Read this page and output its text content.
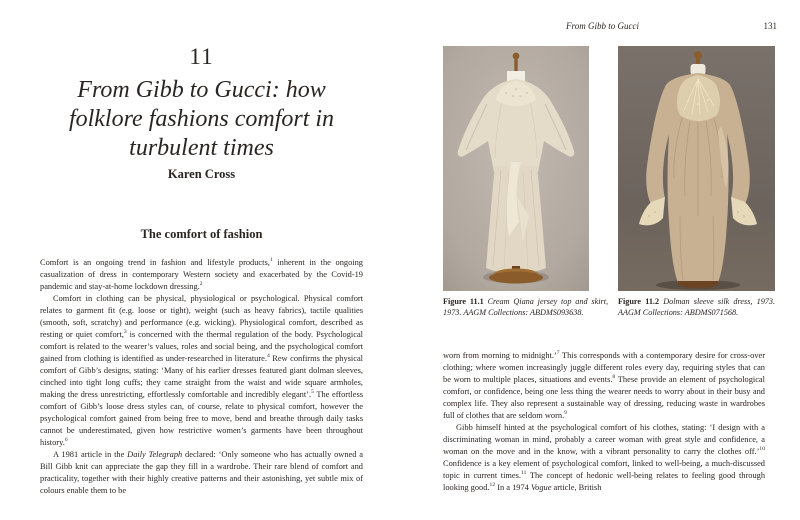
11
From Gibb to Gucci: how
folklore fashions comfort in
turbulent times
Karen Cross
The comfort of fashion

Comfort is an ongoing trend in fashion and lifestyle products,$^1$ inherent in the ongoing casualization of dress in contemporary Western society and exacerbated by the Covid-19 pandemic and stay-at-home lockdown dressing.$^2$

Comfort in clothing can be physical, physiological or psychological. Physical comfort relates to garment fit (e.g. loose or tight), weight (such as heavy fabrics), tactile qualities (smooth, soft, scratchy) and performance (e.g. wicking). Physiological comfort, described as resting or quiet comfort,$^3$ is concerned with the thermal regulation of the body. Psychological comfort is related to the wearer’s values, roles and social being, and the psychological comfort gained from clothing is identified as under-researched in literature.$^4$ Rew confirms the physical comfort of Gibb’s designs, stating: ‘Many of his earlier dresses featured giant dolman sleeves, cinched into tight long cuffs; they came straight from the waist and wide square armholes, making the dress unrestricting, effortlessly comfortable and incredibly elegant’.$^5$ The effortless comfort of Gibb’s loose dress styles can, of course, relate to physical comfort, however the psychological comfort gained from being free to move, bend and breathe through daily tasks cannot be underestimated, given how restrictive women’s garments have been throughout history.$^6$

A 1981 article in the Daily Telegraph declared: ‘Only someone who has actually owned a Bill Gibb knit can appreciate the gap they fill in a wardrobe. Their rare blend of comfort and practicality, together with their highly creative patterns and their astonishing, yet subtle mix of colours enable them to be

From Gibb to Gucci	131
Figure 11.1 Cream Qiana jersey top and skirt, 1973. AAGM Collections: ABDMS093638.
Figure 11.2 Dolman sleeve silk dress, 1973. AAGM Collections: ABDMS071568.

worn from morning to midnight.’$^7$ This corresponds with a contemporary desire for cross-over clothing; where women increasingly juggle different roles every day, requiring styles that can be worn to multiple places, situations and events.$^8$ These provide an element of psychological comfort, or confidence, being one less thing the wearer needs to worry about in their busy and complex life. They also represent a sustainable way of dressing, reducing waste in wardrobes full of clothes that are seldom worn.$^9$

Gibb himself hinted at the psychological comfort of his clothes, stating: ‘I design with a discriminating woman in mind, probably a career woman with great style and confidence, a woman on the move and in the know, with a vibrant personality to carry the clothes off.’$^{10}$ Confidence is a key element of psychological comfort, linked to well-being, a much-discussed topic in current times.$^{11}$ The concept of hedonic well-being relates to feeling good through looking good.$^{12}$ In a 1974 Vogue article, British
